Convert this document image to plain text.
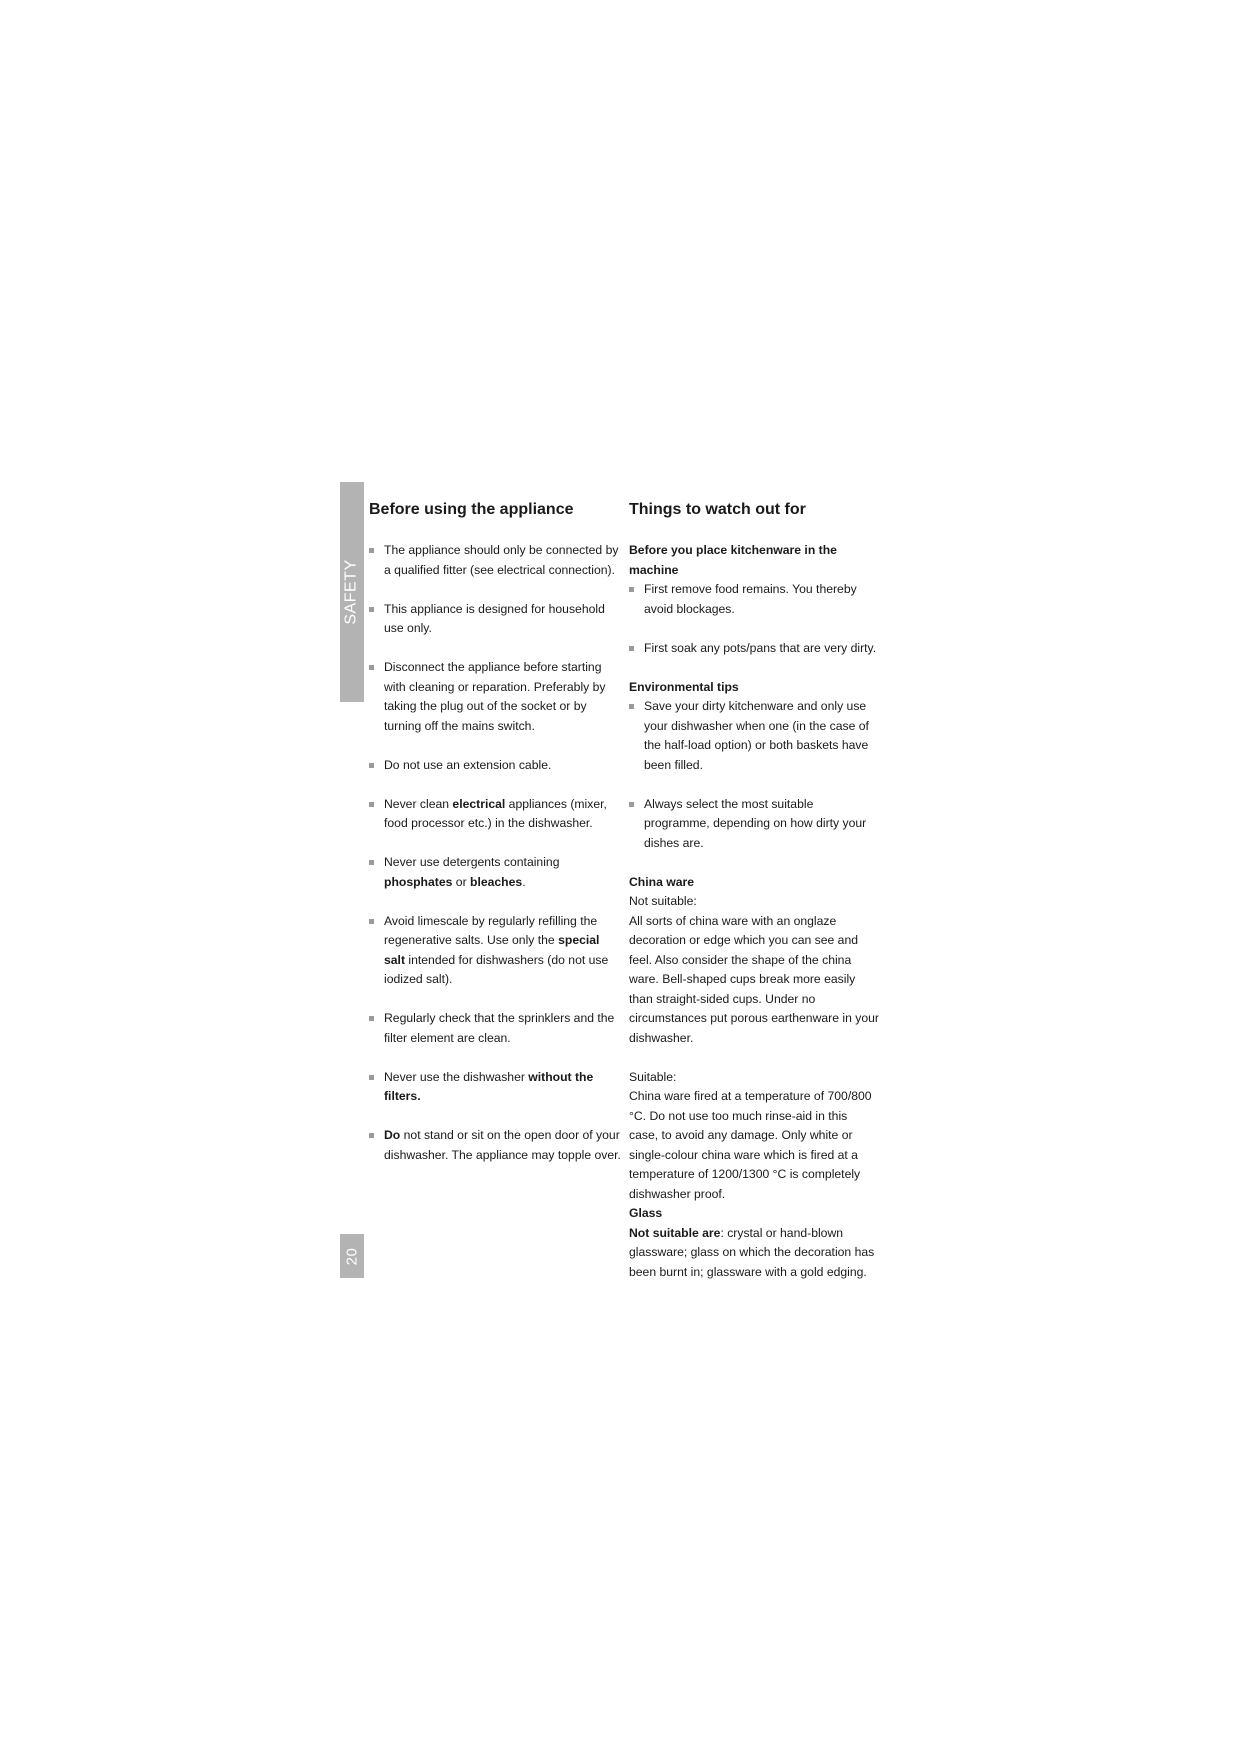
SAFETY
20
Before using the appliance
The appliance should only be connected by a qualified fitter (see electrical connection).
This appliance is designed for household use only.
Disconnect the appliance before starting with cleaning or reparation. Preferably by taking the plug out of the socket or by turning off the mains switch.
Do not use an extension cable.
Never clean electrical appliances (mixer, food processor etc.) in the dishwasher.
Never use detergents containing phosphates or bleaches.
Avoid limescale by regularly refilling the regenerative salts. Use only the special salt intended for dishwashers (do not use iodized salt).
Regularly check that the sprinklers and the filter element are clean.
Never use the dishwasher without the filters.
Do not stand or sit on the open door of your dishwasher. The appliance may topple over.
Things to watch out for

Before you place kitchenware in the machine

First remove food remains. You thereby avoid blockages.
First soak any pots/pans that are very dirty.

Environmental tips

Save your dirty kitchenware and only use your dishwasher when one (in the case of the half-load option) or both baskets have been filled.
Always select the most suitable programme, depending on how dirty your dishes are.

China ware

Not suitable:

All sorts of china ware with an onglaze decoration or edge which you can see and feel. Also consider the shape of the china ware. Bell-shaped cups break more easily than straight-sided cups. Under no circumstances put porous earthenware in your dishwasher.

Suitable:

China ware fired at a temperature of 700/800 °C. Do not use too much rinse-aid in this case, to avoid any damage. Only white or single-colour china ware which is fired at a temperature of 1200/1300 °C is completely dishwasher proof.

Glass

Not suitable are: crystal or hand-blown glassware; glass on which the decoration has been burnt in; glassware with a gold edging.
